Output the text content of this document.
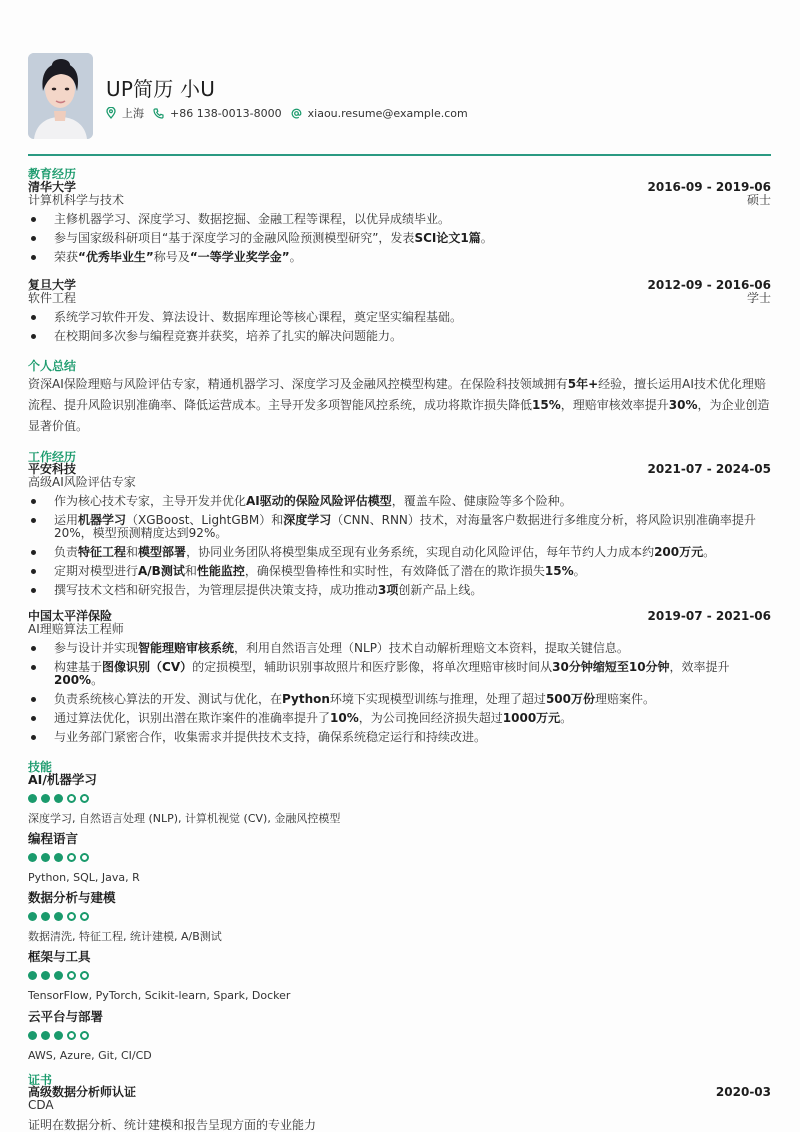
UP简历 小U
上海 +86 138-0013-8000 xiaou.resume@example.com
教育经历
清华大学
计算机科学与技术
2016-09 - 2019-06
硕士
主修机器学习、深度学习、数据挖掘、金融工程等课程，以优异成绩毕业。
参与国家级科研项目“基于深度学习的金融风险预测模型研究”，发表SCI论文1篇。
荣获“优秀毕业生”称号及“一等学业奖学金”。
复旦大学
软件工程
2012-09 - 2016-06
学士
系统学习软件开发、算法设计、数据库理论等核心课程，奠定坚实编程基础。
在校期间多次参与编程竞赛并获奖，培养了扎实的解决问题能力。
个人总结
资深AI保险理赔与风险评估专家，精通机器学习、深度学习及金融风控模型构建。在保险科技领域拥有5年+经验，擅长运用AI技术优化理赔流程、提升风险识别准确率、降低运营成本。主导开发多项智能风控系统，成功将欺诈损失降低15%，理赔审核效率提升30%，为企业创造显著价值。
工作经历
平安科技
高级AI风险评估专家
2021-07 - 2024-05
作为核心技术专家，主导开发并优化AI驱动的保险风险评估模型，覆盖车险、健康险等多个险种。
运用机器学习（XGBoost、LightGBM）和深度学习（CNN、RNN）技术，对海量客户数据进行多维度分析，将风险识别准确率提升20%，模型预测精度达到92%。
负责特征工程和模型部署，协同业务团队将模型集成至现有业务系统，实现自动化风险评估，每年节约人力成本约200万元。
定期对模型进行A/B测试和性能监控，确保模型鲁棒性和实时性，有效降低了潜在的欺诈损失15%。
撰写技术文档和研究报告，为管理层提供决策支持，成功推动3项创新产品上线。
中国太平洋保险
AI理赔算法工程师
2019-07 - 2021-06
参与设计并实现智能理赔审核系统，利用自然语言处理（NLP）技术自动解析理赔文本资料，提取关键信息。
构建基于图像识别（CV）的定损模型，辅助识别事故照片和医疗影像，将单次理赔审核时间从30分钟缩短至10分钟，效率提升200%。
负责系统核心算法的开发、测试与优化，在Python环境下实现模型训练与推理，处理了超过500万份理赔案件。
通过算法优化，识别出潜在欺诈案件的准确率提升了10%，为公司挽回经济损失超过1000万元。
与业务部门紧密合作，收集需求并提供技术支持，确保系统稳定运行和持续改进。
技能
AI/机器学习
深度学习, 自然语言处理 (NLP), 计算机视觉 (CV), 金融风控模型
编程语言
Python, SQL, Java, R
数据分析与建模
数据清洗, 特征工程, 统计建模, A/B测试
框架与工具
TensorFlow, PyTorch, Scikit-learn, Spark, Docker
云平台与部署
AWS, Azure, Git, CI/CD
证书
高级数据分析师认证
CDA
2020-03
证明在数据分析、统计建模和报告呈现方面的专业能力
